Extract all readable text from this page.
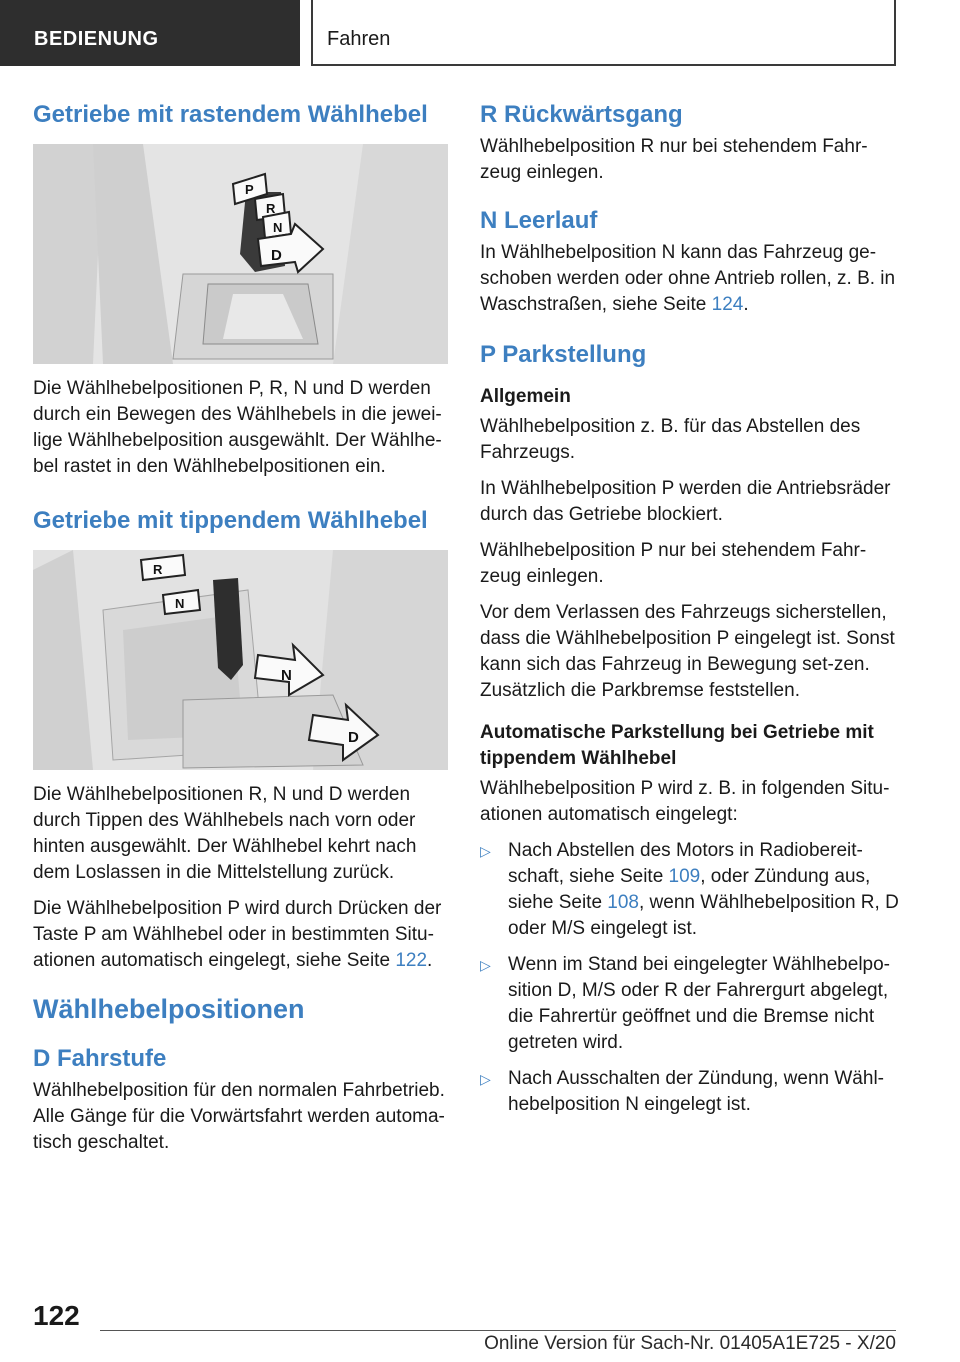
BEDIENUNG	Fahren
Getriebe mit rastendem Wählhebel
P
R
N
D

Die Wählhebelpositionen P, R, N und D werden durch ein Bewegen des Wählhebels in die jewei-lige Wählhebelposition ausgewählt. Der Wählhe-bel rastet in den Wählhebelpositionen ein.

Getriebe mit tippendem Wählhebel
R
N
N
D

Die Wählhebelpositionen R, N und D werden durch Tippen des Wählhebels nach vorn oder hinten ausgewählt. Der Wählhebel kehrt nach dem Loslassen in die Mittelstellung zurück.

Die Wählhebelposition P wird durch Drücken der Taste P am Wählhebel oder in bestimmten Situ-ationen automatisch eingelegt, siehe Seite 122.

Wählhebelpositionen
D Fahrstufe

Wählhebelposition für den normalen Fahrbetrieb. Alle Gänge für die Vorwärtsfahrt werden automa-tisch geschaltet.

R Rückwärtsgang

Wählhebelposition R nur bei stehendem Fahr-zeug einlegen.

N Leerlauf

In Wählhebelposition N kann das Fahrzeug ge-schoben werden oder ohne Antrieb rollen, z. B. in Waschstraßen, siehe Seite 124.

P Parkstellung
Allgemein

Wählhebelposition z. B. für das Abstellen des Fahrzeugs.

In Wählhebelposition P werden die Antriebsräder durch das Getriebe blockiert.

Wählhebelposition P nur bei stehendem Fahr-zeug einlegen.

Vor dem Verlassen des Fahrzeugs sicherstellen, dass die Wählhebelposition P eingelegt ist. Sonst kann sich das Fahrzeug in Bewegung set-zen. Zusätzlich die Parkbremse feststellen.

Automatische Parkstellung bei Getriebe mit tippendem Wählhebel

Wählhebelposition P wird z. B. in folgenden Situ-ationen automatisch eingelegt:

▷ Nach Abstellen des Motors in Radiobereit-schaft, siehe Seite 109, oder Zündung aus, siehe Seite 108, wenn Wählhebelposition R, D oder M/S eingelegt ist.
▷ Wenn im Stand bei eingelegter Wählhebelpo-sition D, M/S oder R der Fahrergurt abgelegt, die Fahrertür geöffnet und die Bremse nicht getreten wird.
▷ Nach Ausschalten der Zündung, wenn Wähl-hebelposition N eingelegt ist.
122
Online Version für Sach-Nr. 01405A1E725 - X/20
